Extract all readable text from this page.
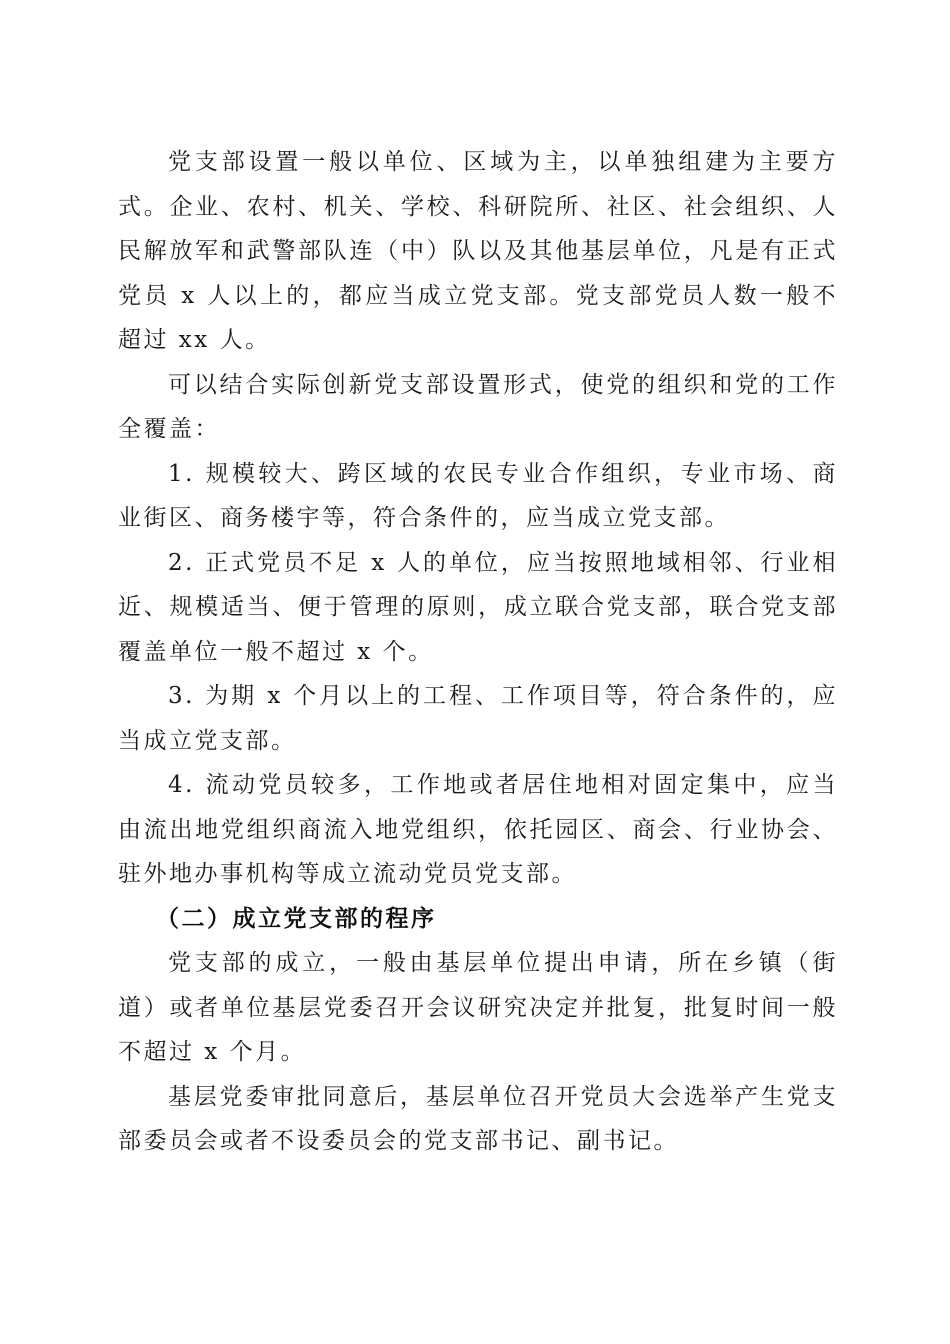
党支部设置一般以单位、区域为主，以单独组建为主要方式。企业、农村、机关、学校、科研院所、社区、社会组织、人民解放军和武警部队连（中）队以及其他基层单位，凡是有正式党员 x 人以上的，都应当成立党支部。党支部党员人数一般不超过 xx 人。

可以结合实际创新党支部设置形式，使党的组织和党的工作全覆盖：

1. 规模较大、跨区域的农民专业合作组织，专业市场、商业街区、商务楼宇等，符合条件的，应当成立党支部。

2. 正式党员不足 x 人的单位，应当按照地域相邻、行业相近、规模适当、便于管理的原则，成立联合党支部，联合党支部覆盖单位一般不超过 x 个。

3. 为期 x 个月以上的工程、工作项目等，符合条件的，应当成立党支部。

4. 流动党员较多，工作地或者居住地相对固定集中，应当由流出地党组织商流入地党组织，依托园区、商会、行业协会、驻外地办事机构等成立流动党员党支部。

（二）成立党支部的程序

党支部的成立，一般由基层单位提出申请，所在乡镇（街道）或者单位基层党委召开会议研究决定并批复，批复时间一般不超过 x 个月。

基层党委审批同意后，基层单位召开党员大会选举产生党支部委员会或者不设委员会的党支部书记、副书记。
